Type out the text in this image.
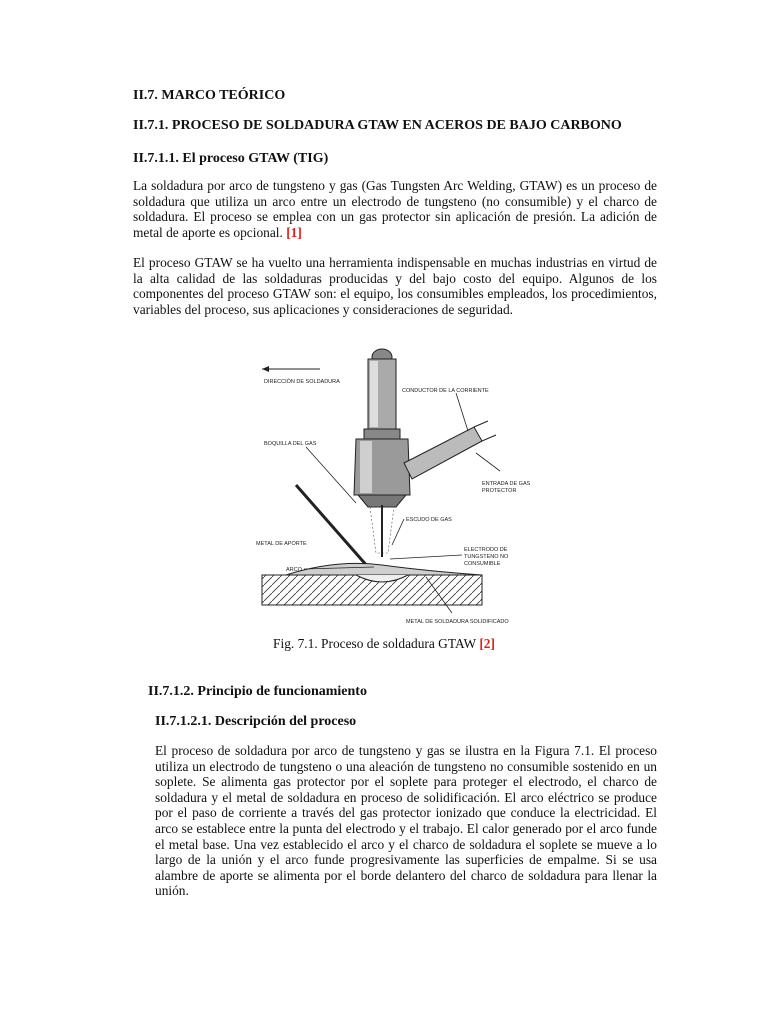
II.7. MARCO TEÓRICO
II.7.1. PROCESO DE SOLDADURA GTAW EN ACEROS DE BAJO CARBONO
II.7.1.1. El proceso GTAW (TIG)
La soldadura por arco de tungsteno y gas (Gas Tungsten Arc Welding, GTAW) es un proceso de soldadura que utiliza un arco entre un electrodo de tungsteno (no consumible) y el charco de soldadura. El proceso se emplea con un gas protector sin aplicación de presión. La adición de metal de aporte es opcional. [1]
El proceso GTAW se ha vuelto una herramienta indispensable en muchas industrias en virtud de la alta calidad de las soldaduras producidas y del bajo costo del equipo. Algunos de los componentes del proceso GTAW son: el equipo, los consumibles empleados, los procedimientos, variables del proceso, sus aplicaciones y consideraciones de seguridad.
DIRECCIÓN DE SOLDADURA
CONDUCTOR DE LA CORRIENTE
BOQUILLA DEL GAS
ENTRADA DE GAS
PROTECTOR
ESCUDO DE GAS
METAL DE APORTE
ELECTRODO DE
TUNGSTENO NO
CONSUMIBLE
ARCO
METAL DE SOLDADURA SOLIDIFICADO
Fig. 7.1. Proceso de soldadura GTAW [2]
II.7.1.2. Principio de funcionamiento
II.7.1.2.1. Descripción del proceso
El proceso de soldadura por arco de tungsteno y gas se ilustra en la Figura 7.1. El proceso utiliza un electrodo de tungsteno o una aleación de tungsteno no consumible sostenido en un soplete. Se alimenta gas protector por el soplete para proteger el electrodo, el charco de soldadura y el metal de soldadura en proceso de solidificación. El arco eléctrico se produce por el paso de corriente a través del gas protector ionizado que conduce la electricidad. El arco se establece entre la punta del electrodo y el trabajo. El calor generado por el arco funde el metal base. Una vez establecido el arco y el charco de soldadura el soplete se mueve a lo largo de la unión y el arco funde progresivamente las superficies de empalme. Si se usa alambre de aporte se alimenta por el borde delantero del charco de soldadura para llenar la unión.
